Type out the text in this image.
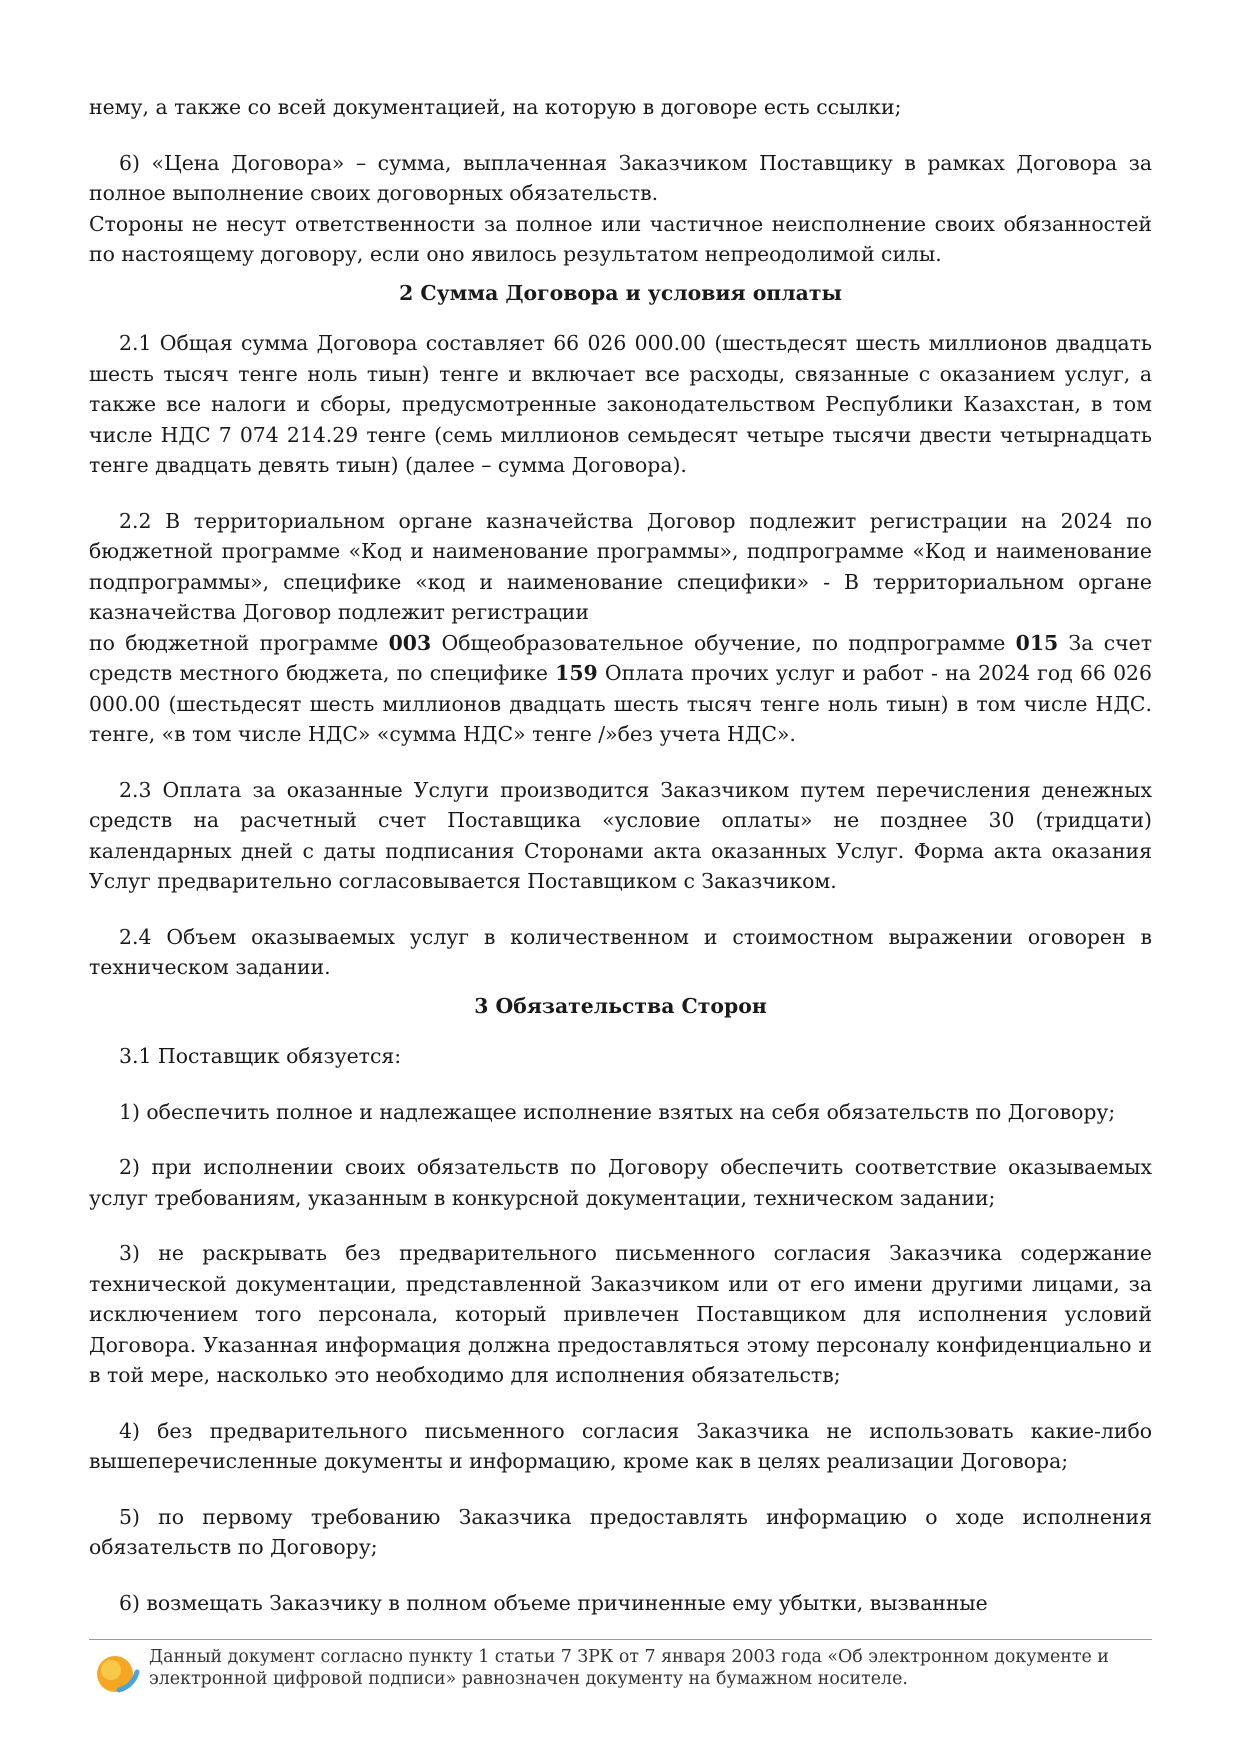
нему, а также со всей документацией, на которую в договоре есть ссылки;

6) «Цена Договора» – сумма, выплаченная Заказчиком Поставщику в рамках Договора за полное выполнение своих договорных обязательств.

Стороны не несут ответственности за полное или частичное неисполнение своих обязанностей по настоящему договору, если оно явилось результатом непреодолимой силы.

2 Сумма Договора и условия оплаты

2.1 Общая сумма Договора составляет 66 026 000.00 (шестьдесят шесть миллионов двадцать шесть тысяч тенге ноль тиын) тенге и включает все расходы, связанные с оказанием услуг, а также все налоги и сборы, предусмотренные законодательством Республики Казахстан, в том числе НДС 7 074 214.29 тенге (семь миллионов семьдесят четыре тысячи двести четырнадцать тенге двадцать девять тиын) (далее – сумма Договора).

2.2 В территориальном органе казначейства Договор подлежит регистрации на 2024 по бюджетной программе «Код и наименование программы», подпрограмме «Код и наименование подпрограммы», специфике «код и наименование специфики» - В территориальном органе казначейства Договор подлежит регистрации

по бюджетной программе 003 Общеобразовательное обучение, по подпрограмме 015 За счет средств местного бюджета, по специфике 159 Оплата прочих услуг и работ - на 2024 год 66 026 000.00 (шестьдесят шесть миллионов двадцать шесть тысяч тенге ноль тиын) в том числе НДС. тенге, «в том числе НДС» «сумма НДС» тенге /»без учета НДС».

2.3 Оплата за оказанные Услуги производится Заказчиком путем перечисления денежных средств на расчетный счет Поставщика «условие оплаты» не позднее 30 (тридцати) календарных дней с даты подписания Сторонами акта оказанных Услуг. Форма акта оказания Услуг предварительно согласовывается Поставщиком с Заказчиком.

2.4 Объем оказываемых услуг в количественном и стоимостном выражении оговорен в техническом задании.

3 Обязательства Сторон

3.1 Поставщик обязуется:

1) обеспечить полное и надлежащее исполнение взятых на себя обязательств по Договору;

2) при исполнении своих обязательств по Договору обеспечить соответствие оказываемых услуг требованиям, указанным в конкурсной документации, техническом задании;

3) не раскрывать без предварительного письменного согласия Заказчика содержание технической документации, представленной Заказчиком или от его имени другими лицами, за исключением того персонала, который привлечен Поставщиком для исполнения условий Договора. Указанная информация должна предоставляться этому персоналу конфиденциально и в той мере, насколько это необходимо для исполнения обязательств;

4) без предварительного письменного согласия Заказчика не использовать какие-либо вышеперечисленные документы и информацию, кроме как в целях реализации Договора;

5) по первому требованию Заказчика предоставлять информацию о ходе исполнения обязательств по Договору;

6) возмещать Заказчику в полном объеме причиненные ему убытки, вызванные

Данный документ согласно пункту 1 статьи 7 ЗРК от 7 января 2003 года «Об электронном документе и электронной цифровой подписи» равнозначен документу на бумажном носителе.
